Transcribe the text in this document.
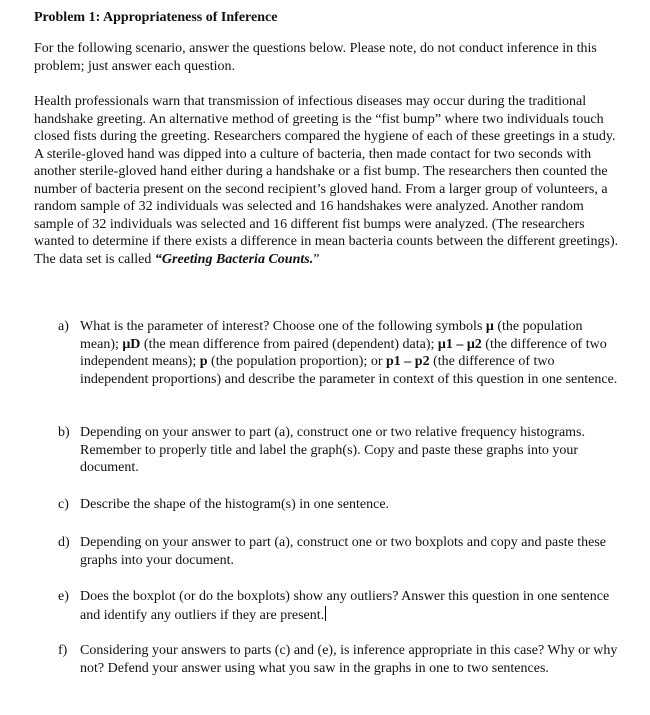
Problem 1: Appropriateness of Inference
For the following scenario, answer the questions below. Please note, do not conduct inference in this problem; just answer each question.
Health professionals warn that transmission of infectious diseases may occur during the traditional handshake greeting. An alternative method of greeting is the “fist bump” where two individuals touch closed fists during the greeting. Researchers compared the hygiene of each of these greetings in a study. A sterile-gloved hand was dipped into a culture of bacteria, then made contact for two seconds with another sterile-gloved hand either during a handshake or a fist bump. The researchers then counted the number of bacteria present on the second recipient’s gloved hand. From a larger group of volunteers, a random sample of 32 individuals was selected and 16 handshakes were analyzed. Another random sample of 32 individuals was selected and 16 different fist bumps were analyzed. (The researchers wanted to determine if there exists a difference in mean bacteria counts between the different greetings). The data set is called “Greeting Bacteria Counts.”
a) What is the parameter of interest? Choose one of the following symbols μ (the population mean); μD (the mean difference from paired (dependent) data); μ1 – μ2 (the difference of two independent means); p (the population proportion); or p1 – p2 (the difference of two independent proportions) and describe the parameter in context of this question in one sentence.
b) Depending on your answer to part (a), construct one or two relative frequency histograms. Remember to properly title and label the graph(s). Copy and paste these graphs into your document.
c) Describe the shape of the histogram(s) in one sentence.
d) Depending on your answer to part (a), construct one or two boxplots and copy and paste these graphs into your document.
e) Does the boxplot (or do the boxplots) show any outliers? Answer this question in one sentence and identify any outliers if they are present.
f) Considering your answers to parts (c) and (e), is inference appropriate in this case? Why or why not? Defend your answer using what you saw in the graphs in one to two sentences.
